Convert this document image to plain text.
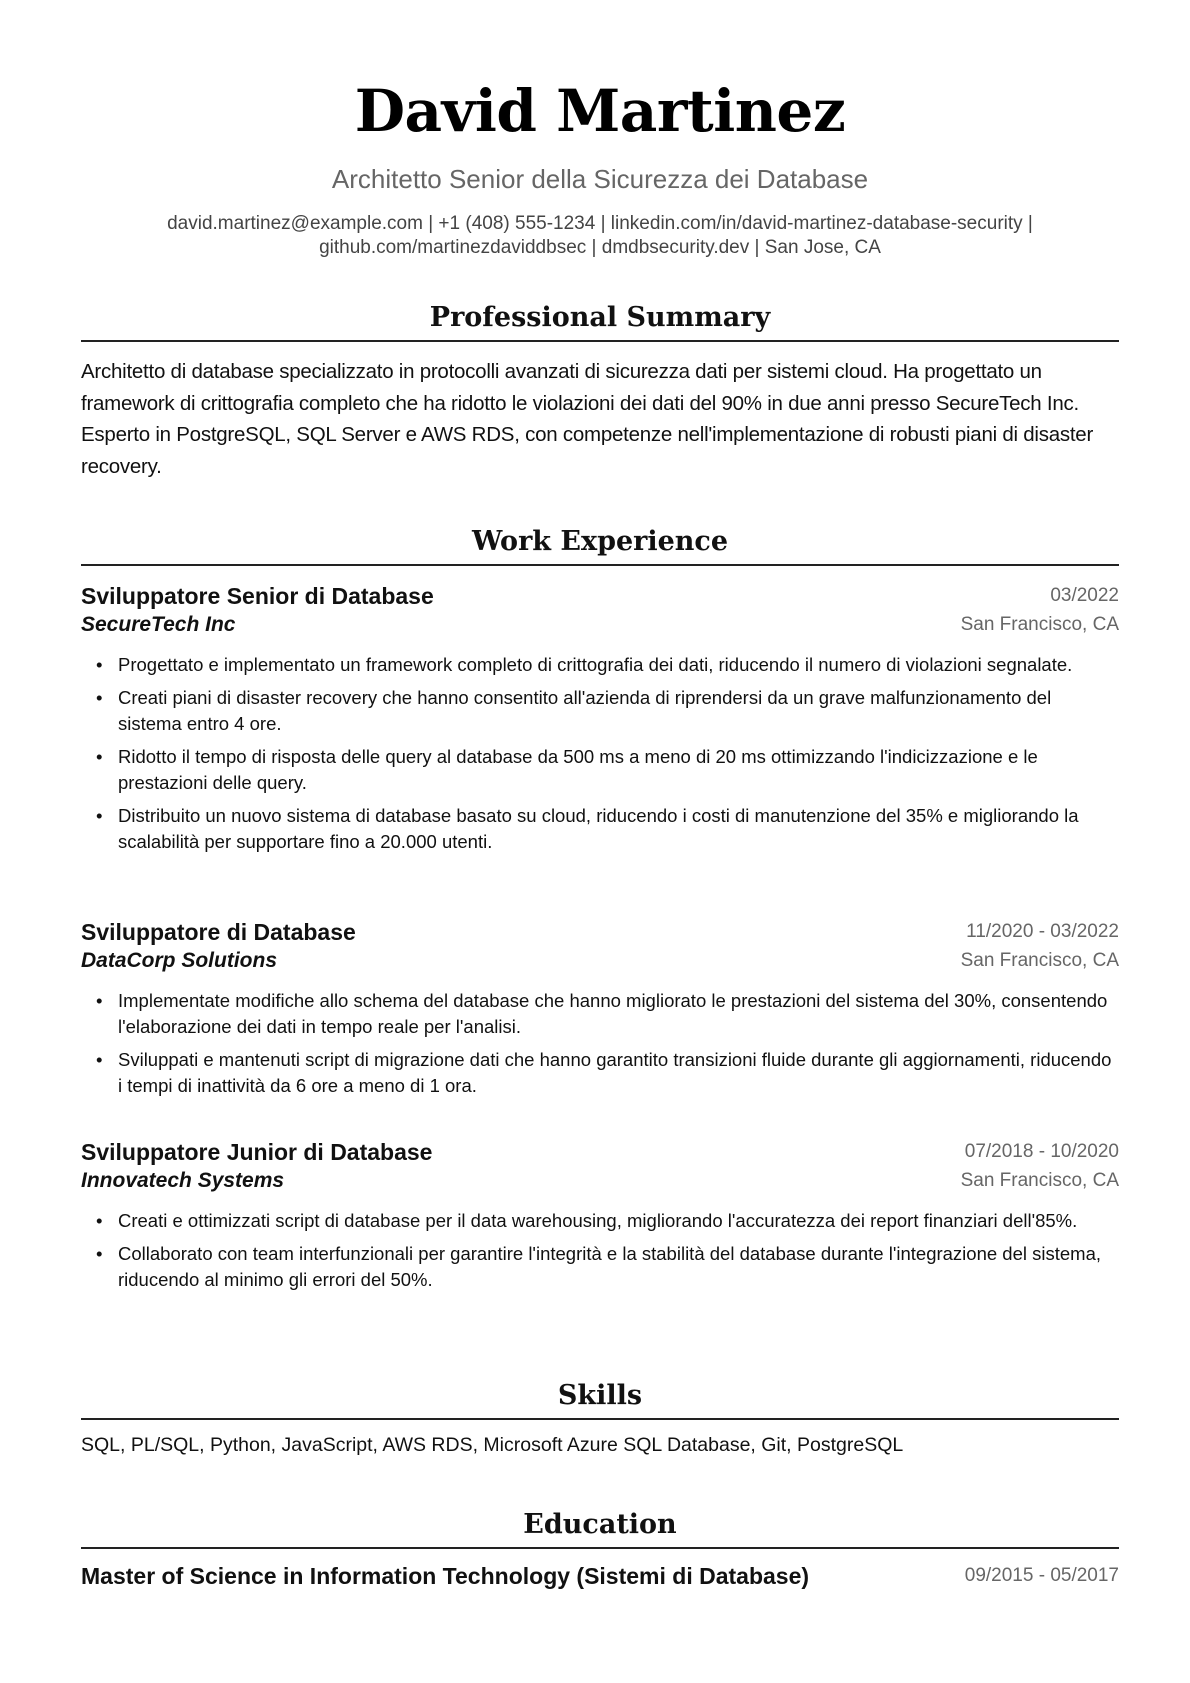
David Martinez
Architetto Senior della Sicurezza dei Database
david.martinez@example.com | +1 (408) 555-1234 | linkedin.com/in/david-martinez-database-security |
github.com/martinezdaviddbsec | dmdbsecurity.dev | San Jose, CA
Professional Summary
Architetto di database specializzato in protocolli avanzati di sicurezza dati per sistemi cloud. Ha progettato un framework di crittografia completo che ha ridotto le violazioni dei dati del 90% in due anni presso SecureTech Inc. Esperto in PostgreSQL, SQL Server e AWS RDS, con competenze nell'implementazione di robusti piani di disaster recovery.
Work Experience
Sviluppatore Senior di Database	03/2022
SecureTech Inc	San Francisco, CA
• Progettato e implementato un framework completo di crittografia dei dati, riducendo il numero di violazioni segnalate.
• Creati piani di disaster recovery che hanno consentito all'azienda di riprendersi da un grave malfunzionamento del sistema entro 4 ore.
• Ridotto il tempo di risposta delle query al database da 500 ms a meno di 20 ms ottimizzando l'indicizzazione e le prestazioni delle query.
• Distribuito un nuovo sistema di database basato su cloud, riducendo i costi di manutenzione del 35% e migliorando la scalabilità per supportare fino a 20.000 utenti.
Sviluppatore di Database	11/2020 - 03/2022
DataCorp Solutions	San Francisco, CA
• Implementate modifiche allo schema del database che hanno migliorato le prestazioni del sistema del 30%, consentendo l'elaborazione dei dati in tempo reale per l'analisi.
• Sviluppati e mantenuti script di migrazione dati che hanno garantito transizioni fluide durante gli aggiornamenti, riducendo i tempi di inattività da 6 ore a meno di 1 ora.
Sviluppatore Junior di Database	07/2018 - 10/2020
Innovatech Systems	San Francisco, CA
• Creati e ottimizzati script di database per il data warehousing, migliorando l'accuratezza dei report finanziari dell'85%.
• Collaborato con team interfunzionali per garantire l'integrità e la stabilità del database durante l'integrazione del sistema, riducendo al minimo gli errori del 50%.
Skills
SQL, PL/SQL, Python, JavaScript, AWS RDS, Microsoft Azure SQL Database, Git, PostgreSQL
Education
Master of Science in Information Technology (Sistemi di Database)	09/2015 - 05/2017
